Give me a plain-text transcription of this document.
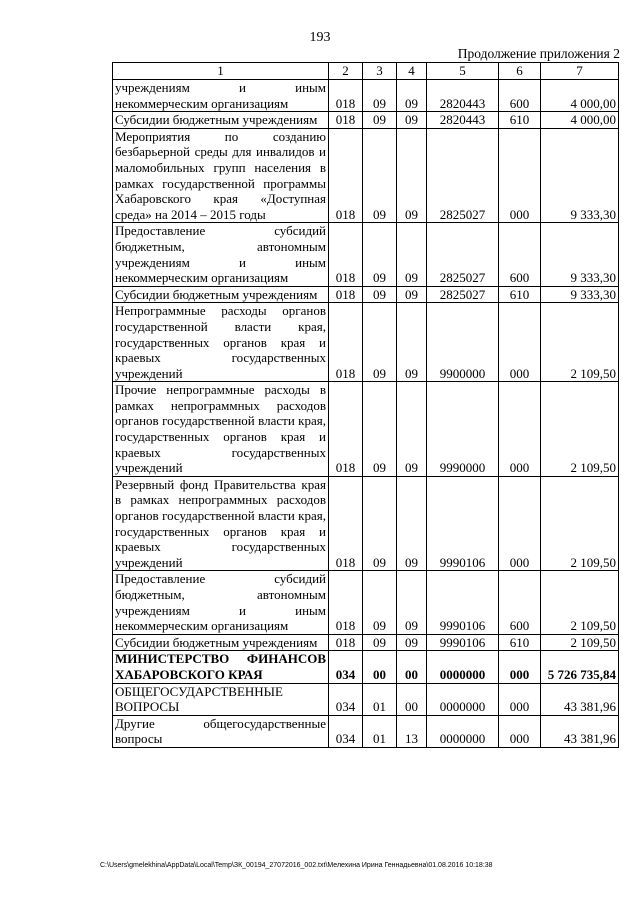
193
Продолжение приложения 2
1	2	3	4	5	6	7
учреждениям и иным некоммерческим организациям	018	09	09	2820443	600	4 000,00
Субсидии бюджетным учреждениям	018	09	09	2820443	610	4 000,00
Мероприятия по созданию безбарьерной среды для инвалидов и маломобильных групп населения в рамках государственной программы Хабаровского края «Доступная среда» на 2014 – 2015 годы	018	09	09	2825027	000	9 333,30
Предоставление субсидий бюджетным, автономным учреждениям и иным некоммерческим организациям	018	09	09	2825027	600	9 333,30
Субсидии бюджетным учреждениям	018	09	09	2825027	610	9 333,30
Непрограммные расходы органов государственной власти края, государственных органов края и краевых государственных учреждений	018	09	09	9900000	000	2 109,50
Прочие непрограммные расходы в рамках непрограммных расходов органов государственной власти края, государственных органов края и краевых государственных учреждений	018	09	09	9990000	000	2 109,50
Резервный фонд Правительства края в рамках непрограммных расходов органов государственной власти края, государственных органов края и краевых государственных учреждений	018	09	09	9990106	000	2 109,50
Предоставление субсидий бюджетным, автономным учреждениям и иным некоммерческим организациям	018	09	09	9990106	600	2 109,50
Субсидии бюджетным учреждениям	018	09	09	9990106	610	2 109,50
МИНИСТЕРСТВО ФИНАНСОВ ХАБАРОВСКОГО КРАЯ	034	00	00	0000000	000	5 726 735,84
ОБЩЕГОСУДАРСТВЕННЫЕ ВОПРОСЫ	034	01	00	0000000	000	43 381,96
Другие общегосударственные вопросы	034	01	13	0000000	000	43 381,96
C:\Users\gmelekhina\AppData\Local\Temp\ЗК_00194_27072016_002.txt\Мелехина Ирина Геннадьевна\01.08.2016 10:18:38
